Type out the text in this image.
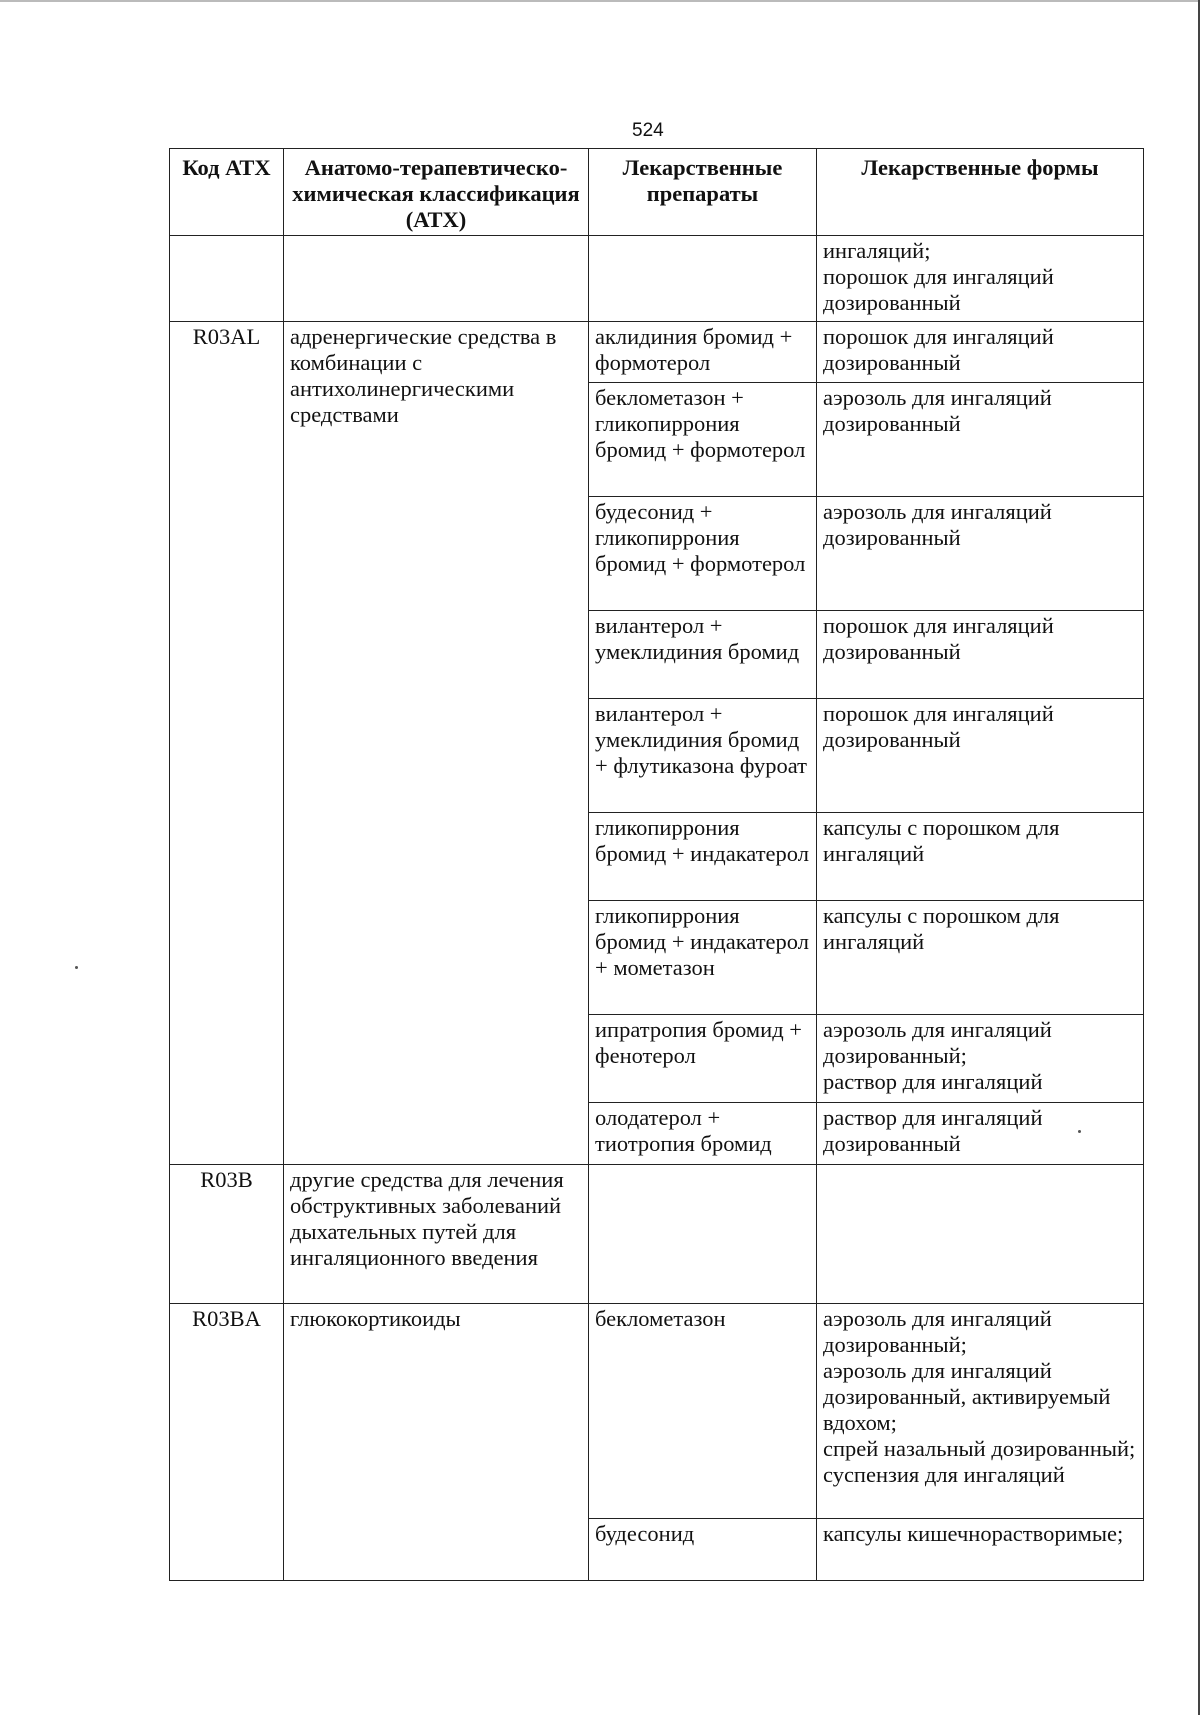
524
Код АТХ	Анатомо-терапевтическо-химическая классификация (АТХ)	Лекарственные препараты	Лекарственные формы
			ингаляций;
порошок для ингаляций дозированный
R03AL	адренергические средства в комбинации с антихолинергическими средствами	аклидиния бромид + формотерол	порошок для ингаляций дозированный
		беклометазон + гликопиррония бромид + формотерол	аэрозоль для ингаляций дозированный
		будесонид + гликопиррония бромид + формотерол	аэрозоль для ингаляций дозированный
		вилантерол + умеклидиния бромид	порошок для ингаляций дозированный
		вилантерол + умеклидиния бромид + флутиказона фуроат	порошок для ингаляций дозированный
		гликопиррония бромид + индакатерол	капсулы с порошком для ингаляций
		гликопиррония бромид + индакатерол + мометазон	капсулы с порошком для ингаляций
		ипратропия бромид + фенотерол	аэрозоль для ингаляций дозированный;
раствор для ингаляций
		олодатерол + тиотропия бромид	раствор для ингаляций дозированный
R03B	другие средства для лечения обструктивных заболеваний дыхательных путей для ингаляционного введения		
R03BA	глюкокортикоиды	беклометазон	аэрозоль для ингаляций дозированный;
аэрозоль для ингаляций дозированный, активируемый вдохом;
спрей назальный дозированный;
суспензия для ингаляций
		будесонид	капсулы кишечнорастворимые;
